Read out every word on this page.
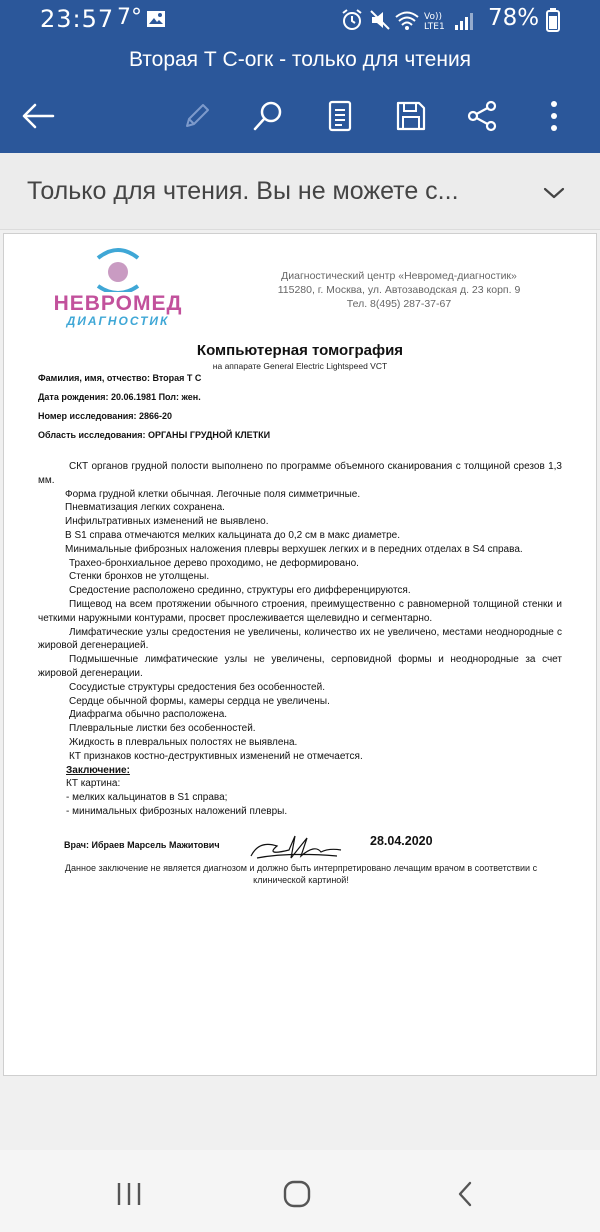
23:57 7°	Vo))
LTE1 78%
Вторая Т С-огк - только для чтения
Только для чтения. Вы не можете с...
НЕВРОМЕД
ДИАГНОСТИК
Диагностический центр «Невромед-диагностик»
115280, г. Москва, ул. Автозаводская д. 23 корп. 9
Тел. 8(495) 287-37-67
Компьютерная томография
на аппарате General Electric Lightspeed VCT
Фамилия, имя, отчество: Вторая Т С
Дата рождения: 20.06.1981 Пол: жен.
Номер исследования: 2866-20
Область исследования: ОРГАНЫ ГРУДНОЙ КЛЕТКИ

СКТ органов грудной полости выполнено по программе объемного сканирования с толщиной срезов 1,3 мм.

Форма грудной клетки обычная. Легочные поля симметричные.

Пневматизация легких сохранена.

Инфильтративных изменений не выявлено.

В S1 справа отмечаются мелких кальцината до 0,2 см в макс диаметре.

Минимальные фиброзных наложения плевры верхушек легких и в передних отделах в S4 справа.

Трахео-бронхиальное дерево проходимо, не деформировано.

Стенки бронхов не утолщены.

Средостение расположено срединно, структуры его дифференцируются.

Пищевод на всем протяжении обычного строения, преимущественно с равномерной толщиной стенки и четкими наружными контурами, просвет прослеживается щелевидно и сегментарно.

Лимфатические узлы средостения не увеличены, количество их не увеличено, местами неоднородные с жировой дегенерацией.

Подмышечные лимфатические узлы не увеличены, серповидной формы и неоднородные за счет жировой дегенерации.

Сосудистые структуры средостения без особенностей.

Сердце обычной формы, камеры сердца не увеличены.

Диафрагма обычно расположена.

Плевральные листки без особенностей.

Жидкость в плевральных полостях не выявлена.

КТ признаков костно-деструктивных изменений не отмечается.

Заключение:

КТ картина:

- мелких кальцинатов в S1 справа;

- минимальных фиброзных наложений плевры.

Врач: Ибраев Марсель Мажитович	28.04.2020
Данное заключение не является диагнозом и должно быть интерпретировано лечащим врачом в соответствии с клинической картиной!
